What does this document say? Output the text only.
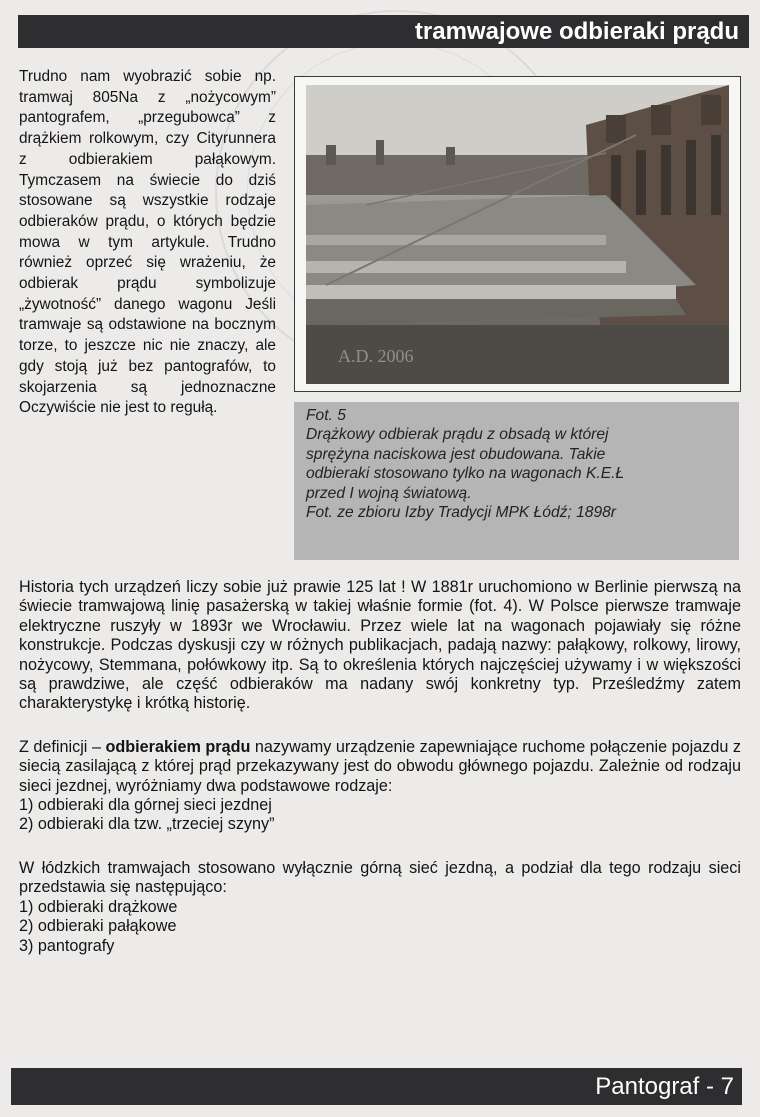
tramwajowe odbieraki prądu

Trudno nam wyobrazić sobie np. tramwaj 805Na z „nożycowym” pantografem, „przegubowca” z drążkiem rolkowym, czy Cityrunnera z odbierakiem pałąkowym. Tymczasem na świecie do dziś stosowane są wszystkie rodzaje odbieraków prądu, o których będzie mowa w tym artykule. Trudno również oprzeć się wrażeniu, że odbierak prądu symbolizuje „żywotność” danego wagonu Jeśli tramwaje są odstawione na bocznym torze, to jeszcze nic nie znaczy, ale gdy stoją już bez pantografów, to skojarzenia są jednoznaczne Oczywiście nie jest to regułą.

A.D. 2006
Fot. 5
Drążkowy odbierak prądu z obsadą w której
sprężyna naciskowa jest obudowana. Takie
odbieraki stosowano tylko na wagonach K.E.Ł
przed I wojną światową.
Fot. ze zbioru Izby Tradycji MPK Łódź; 1898r

Historia tych urządzeń liczy sobie już prawie 125 lat ! W 1881r uruchomiono w Berlinie pierwszą na świecie tramwajową linię pasażerską w takiej właśnie formie (fot. 4). W Polsce pierwsze tramwaje elektryczne ruszyły w 1893r we Wrocławiu. Przez wiele lat na wagonach pojawiały się różne konstrukcje. Podczas dyskusji czy w różnych publikacjach, padają nazwy: pałąkowy, rolkowy, lirowy, nożycowy, Stemmana, połówkowy itp. Są to określenia których najczęściej używamy i w większości są prawdziwe, ale część odbieraków ma nadany swój konkretny typ. Prześledźmy zatem charakterystykę i krótką historię.

Z definicji – odbierakiem prądu nazywamy urządzenie zapewniające ruchome połączenie pojazdu z siecią zasilającą z której prąd przekazywany jest do obwodu głównego pojazdu. Zależnie od rodzaju sieci jezdnej, wyróżniamy dwa podstawowe rodzaje:

1) odbieraki dla górnej sieci jezdnej

2) odbieraki dla tzw. „trzeciej szyny”

W łódzkich tramwajach stosowano wyłącznie górną sieć jezdną, a podział dla tego rodzaju sieci przedstawia się następująco:

1) odbieraki drążkowe

2) odbieraki pałąkowe

3) pantografy

Pantograf - 7
